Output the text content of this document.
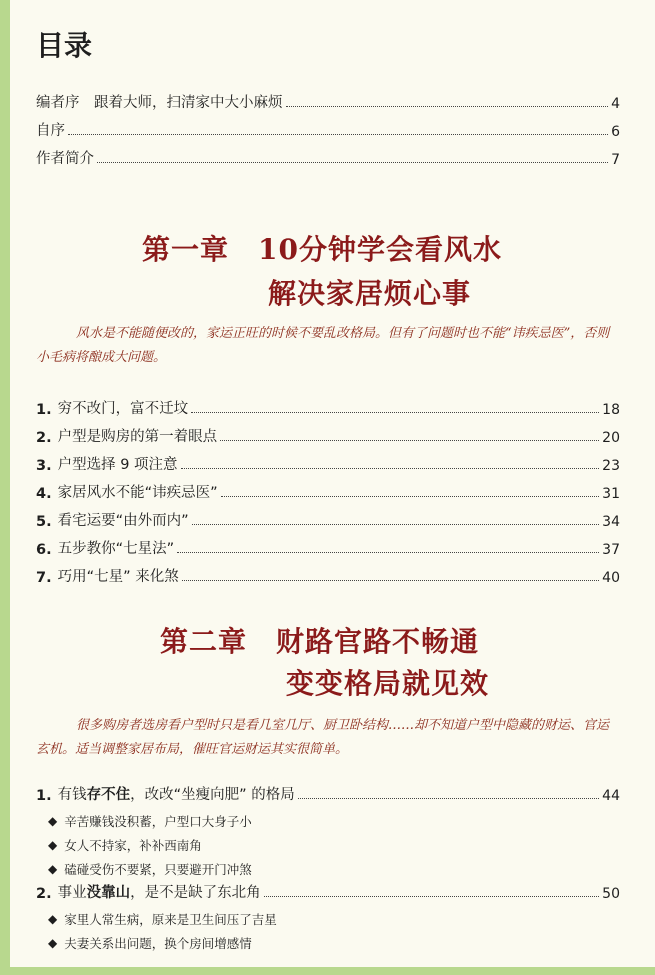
目录
编者序　跟着大师，扫清家中大小麻烦	4
自序	6
作者简介	7
第一章　10分钟学会看风水
解决家居烦心事
风水是不能随便改的，家运正旺的时候不要乱改格局。但有了问题时也不能“讳疾忌医”，否则小毛病将酿成大问题。
1. 穷不改门，富不迁坟	18
2. 户型是购房的第一着眼点	20
3. 户型选择 9 项注意	23
4. 家居风水不能“讳疾忌医”	31
5. 看宅运要“由外而内”	34
6. 五步教你“七星法”	37
7. 巧用“七星” 来化煞	40
第二章　财路官路不畅通
变变格局就见效
很多购房者选房看户型时只是看几室几厅、厨卫卧结构……却不知道户型中隐藏的财运、官运玄机。适当调整家居布局，催旺官运财运其实很简单。
1. 有钱存不住，改改“坐瘦向肥” 的格局	44
◆ 辛苦赚钱没积蓄，户型口大身子小
◆ 女人不持家，补补西南角
◆ 磕碰受伤不要紧，只要避开门冲煞
2. 事业没靠山，是不是缺了东北角	50
◆ 家里人常生病，原来是卫生间压了吉星
◆ 夫妻关系出问题，换个房间增感情
